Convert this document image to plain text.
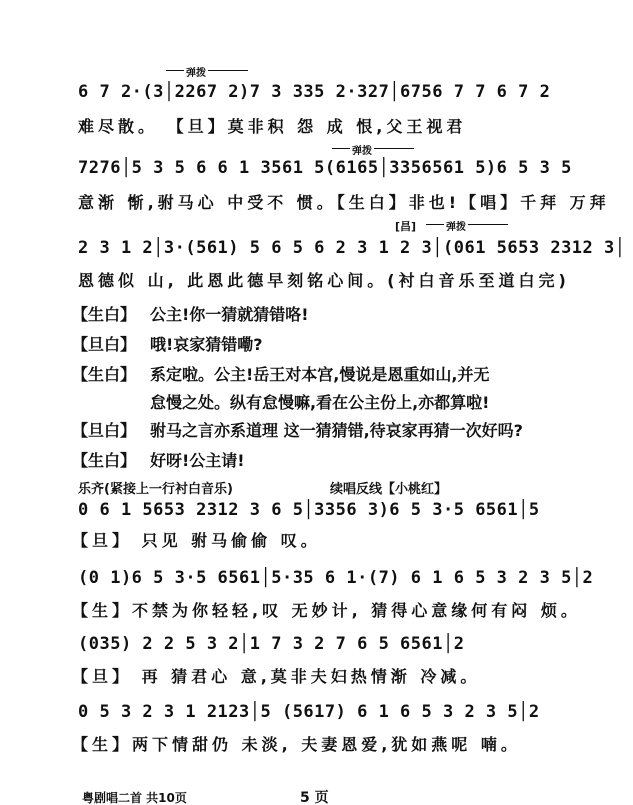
弹拨
6 7 2·(3│2267 2)7 3 335 2·327│6756 7 7 6 7 2
难尽散。 【旦】莫非积 怨 成 恨,父王视君
弹拨
7276│5 3 5 6 6 1 3561 5(6165│3356561 5)6 5 3 5
意渐 惭,驸马心 中受不 惯。【生白】非也!【唱】千拜 万拜
[昌]	弹拨
2 3 1 2│3·(561) 5 6 5 6 2 3 1 2 3│(061 5653 2312 3│
恩德似 山, 此恩此德早刻铭心间。(衬白音乐至道白完)
【生白】 公主!你一猜就猜错咯!
【旦白】 哦!哀家猜错嘞?
【生白】 系定啦。公主!岳王对本宫,慢说是恩重如山,并无
怠慢之处。纵有怠慢嘛,看在公主份上,亦都算啦!
【旦白】 驸马之言亦系道理 这一猜猜错,待哀家再猜一次好吗?
【生白】 好呀!公主请!
乐齐(紧接上一行衬白音乐)	续唱反线【小桃红】
0 6 1 5653 2312 3 6 5│3356 3)6 5 3·5 6561│5
【旦】 只见 驸马偷偷 叹。
(0 1)6 5 3·5 6561│5·35 6 1·(7) 6 1 6 5 3 2 3 5│2
【生】不禁为你轻轻,叹 无妙计, 猜得心意缘何有闷 烦。
(035) 2 2 5 3 2│1 7 3 2 7 6 5 6561│2
【旦】 再 猜君心 意,莫非夫妇热情渐 冷减。
0 5 3 2 3 1 2123│5 (5617) 6 1 6 5 3 2 3 5│2
【生】两下情甜仍 未淡, 夫妻恩爱,犹如燕呢 喃。
粤剧唱二首 共10页	5 页
